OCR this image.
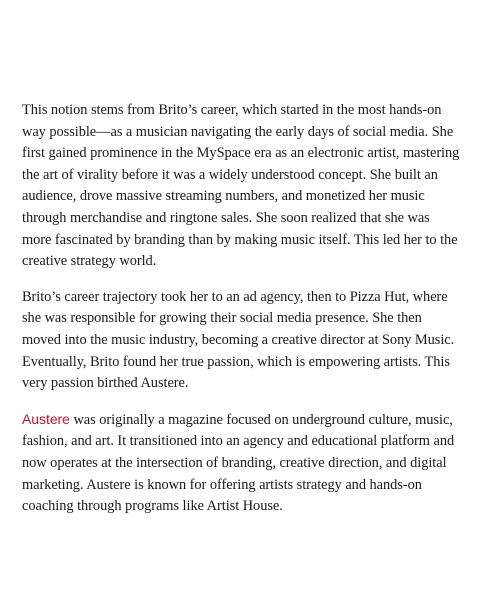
This notion stems from Brito’s career, which started in the most hands-on way possible—as a musician navigating the early days of social media. She first gained prominence in the MySpace era as an electronic artist, mastering the art of virality before it was a widely understood concept. She built an audience, drove massive streaming numbers, and monetized her music through merchandise and ringtone sales. She soon realized that she was more fascinated by branding than by making music itself. This led her to the creative strategy world.

Brito’s career trajectory took her to an ad agency, then to Pizza Hut, where she was responsible for growing their social media presence. She then moved into the music industry, becoming a creative director at Sony Music. Eventually, Brito found her true passion, which is empowering artists. This very passion birthed Austere.

Austere was originally a magazine focused on underground culture, music, fashion, and art. It transitioned into an agency and educational platform and now operates at the intersection of branding, creative direction, and digital marketing. Austere is known for offering artists strategy and hands-on coaching through programs like Artist House.
